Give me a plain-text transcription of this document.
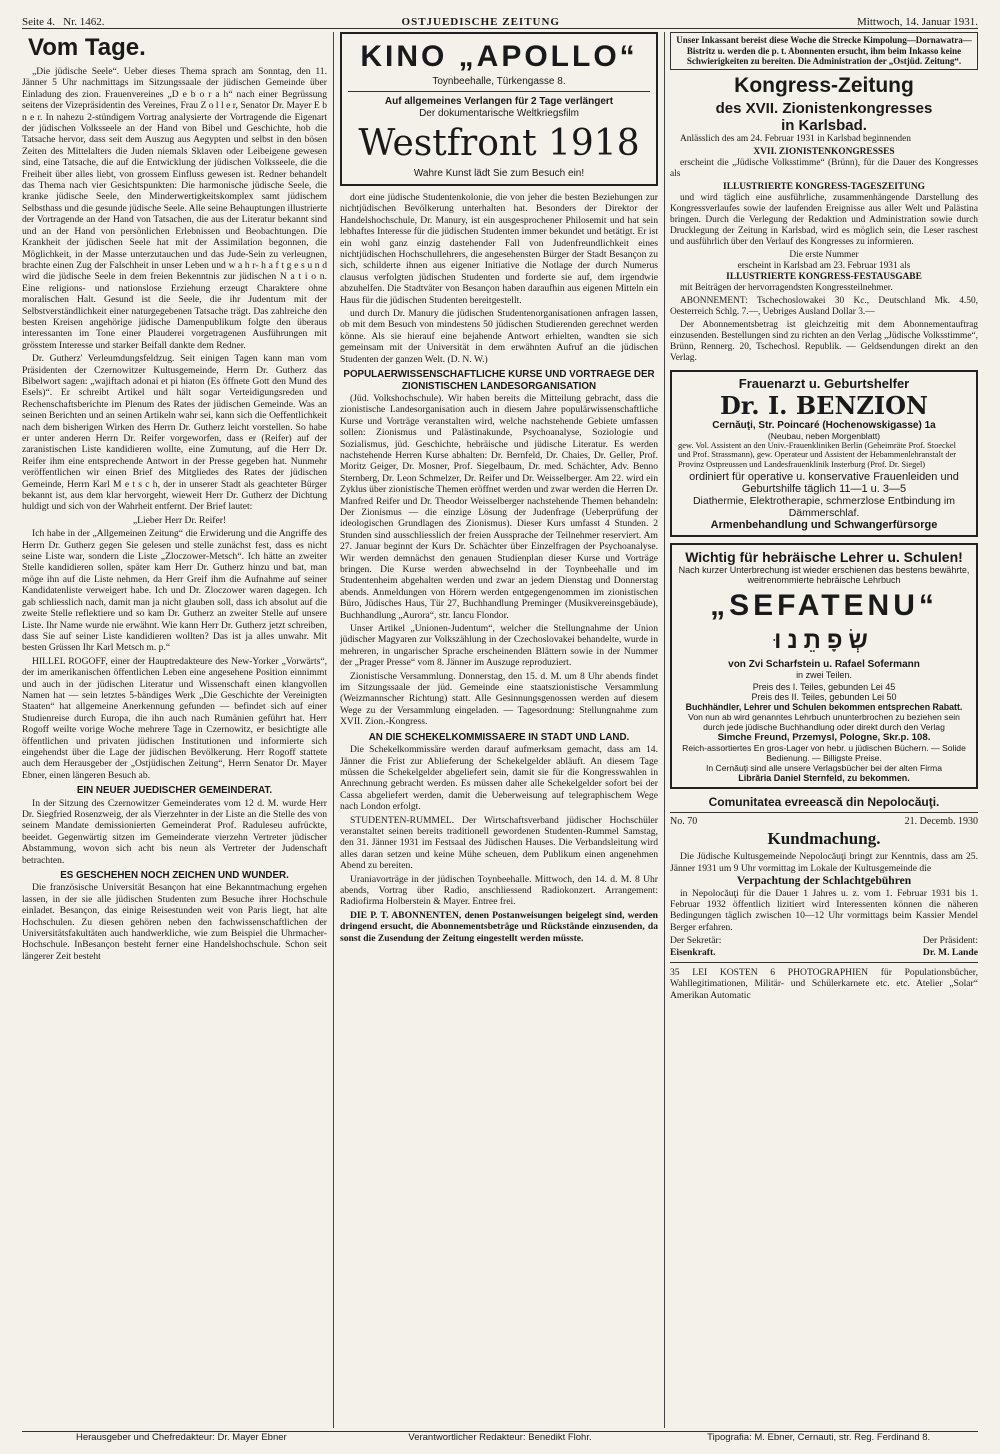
Seite 4. Nr. 1462.	OSTJUEDISCHE ZEITUNG	Mittwoch, 14. Januar 1931.
Vom Tage.

„Die jüdische Seele“. Ueber dieses Thema sprach am Sonntag, den 11. Jänner 5 Uhr nachmittags im Sitzungssaale der jüdischen Gemeinde über Einladung des zion. Frauenvereines „D e b o r a h“ nach einer Begrüssung seitens der Vizepräsidentin des Vereines, Frau Z o l l e r, Senator Dr. Mayer E b n e r. In nahezu 2-stündigem Vortrag analysierte der Vortragende die Eigenart der jüdischen Volksseele an der Hand von Bibel und Geschichte, hob die Tatsache hervor, dass seit dem Auszug aus Aegypten und selbst in den bösen Zeiten des Mittelalters die Juden niemals Sklaven oder Leibeigene gewesen sind, eine Tatsache, die auf die Entwicklung der jüdischen Volksseele, die die Freiheit über alles liebt, von grossem Einfluss gewesen ist. Redner behandelt das Thema nach vier Gesichtspunkten: Die harmonische jüdische Seele, die kranke jüdische Seele, den Minderwertigkeitskomplex samt jüdischem Selbsthass und die gesunde jüdische Seele. Alle seine Behauptungen illustrierte der Vortragende an der Hand von Tatsachen, die aus der Literatur bekannt sind und an der Hand von persönlichen Erlebnissen und Beobachtungen. Die Krankheit der jüdischen Seele hat mit der Assimilation begonnen, die Möglichkeit, in der Masse unterzutauchen und das Jude-Sein zu verleugnen, brachte einen Zug der Falschheit in unser Leben und w a h r- h a f t g e s u n d wird die jüdische Seele in dem freien Bekenntnis zur jüdischen N a t i o n. Eine religions- und nationslose Erziehung erzeugt Charaktere ohne moralischen Halt. Gesund ist die Seele, die ihr Judentum mit der Selbstverständlichkeit einer naturgegebenen Tatsache trägt. Das zahlreiche den besten Kreisen angehörige jüdische Damenpublikum folgte den überaus interessanten im Tone einer Plauderei vorgetragenen Ausführungen mit grösstem Interesse und starker Beifall dankte dem Redner.

Dr. Gutherz' Verleumdungsfeldzug. Seit einigen Tagen kann man vom Präsidenten der Czernowitzer Kultusgemeinde, Herrn Dr. Gutherz das Bibelwort sagen: „wajiftach adonai et pi hiaton (Es öffnete Gott den Mund des Esels)“. Er schreibt Artikel und hält sogar Verteidigungsreden und Rechenschaftsberichte im Plenum des Rates der jüdischen Gemeinde. Was an seinen Berichten und an seinen Artikeln wahr sei, kann sich die Oeffentlichkeit nach dem bisherigen Wirken des Herrn Dr. Gutherz leicht vorstellen. So habe er unter anderen Herrn Dr. Reifer vorgeworfen, dass er (Reifer) auf der zaranistischen Liste kandidieren wollte, eine Zumutung, auf die Herr Dr. Reifer ihm eine entsprechende Antwort in der Presse gegeben hat. Nunmehr veröffentlichen wir einen Brief des Mitgliedes des Rates der jüdischen Gemeinde, Herrn Karl M e t s c h, der in unserer Stadt als geachteter Bürger bekannt ist, aus dem klar hervorgeht, wieweit Herr Dr. Gutherz der Dichtung huldigt und sich von der Wahrheit entfernt. Der Brief lautet:

„Lieber Herr Dr. Reifer!

Ich habe in der „Allgemeinen Zeitung“ die Erwiderung und die Angriffe des Herrn Dr. Gutherz gegen Sie gelesen und stelle zunächst fest, dass es nicht seine Liste war, sondern die Liste „Zloczower-Metsch“. Ich hätte an zweiter Stelle kandidieren sollen, später kam Herr Dr. Gutherz hinzu und bat, man möge ihn auf die Liste nehmen, da Herr Greif ihm die Aufnahme auf seiner Kandidatenliste verweigert habe. Ich und Dr. Zloczower waren dagegen. Ich gab schliesslich nach, damit man ja nicht glauben soll, dass ich absolut auf die zweite Stelle reflektiere und so kam Dr. Gutherz an zweiter Stelle auf unsere Liste. Ihr Name wurde nie erwähnt. Wie kann Herr Dr. Gutherz jetzt schreiben, dass Sie auf seiner Liste kandidieren wollten? Das ist ja alles unwahr. Mit besten Grüssen Ihr Karl Metsch m. p.“

HILLEL ROGOFF, einer der Hauptredakteure des New-Yorker „Vorwärts“, der im amerikanischen öffentlichen Leben eine angesehene Position einnimmt und auch in der jüdischen Literatur und Wissenschaft einen klangvollen Namen hat — sein letztes 5-bändiges Werk „Die Geschichte der Vereinigten Staaten“ hat allgemeine Anerkennung gefunden — befindet sich auf einer Studienreise durch Europa, die ihn auch nach Rumänien geführt hat. Herr Rogoff weilte vorige Woche mehrere Tage in Czernowitz, er besichtigte alle öffentlichen und privaten jüdischen Institutionen und informierte sich eingehendst über die Lage der jüdischen Bevölkerung. Herr Rogoff stattete auch dem Herausgeber der „Ostjüdischen Zeitung“, Herrn Senator Dr. Mayer Ebner, einen längeren Besuch ab.

EIN NEUER JUEDISCHER GEMEINDERAT.

In der Sitzung des Czernowitzer Gemeinderates vom 12 d. M. wurde Herr Dr. Siegfried Rosenzweig, der als Vierzehnter in der Liste an die Stelle des von seinem Mandate demissionierten Gemeinderat Prof. Raduleseu aufrückte, beeidet. Gegenwärtig sitzen im Gemeinderate vierzehn Vertreter jüdischer Abstammung, wovon sich acht bis neun als Vertreter der Judenschaft betrachten.

ES GESCHEHEN NOCH ZEICHEN UND WUNDER.

Die französische Universität Besançon hat eine Bekanntmachung ergehen lassen, in der sie alle jüdischen Studenten zum Besuche ihrer Hochschule einladet. Besançon, das einige Reisestunden weit von Paris liegt, hat alte Hochschulen. Zu diesen gehören neben den fachwissenschaftlichen der Universitätsfakultäten auch handwerkliche, wie zum Beispiel die Uhrmacher-Hochschule. InBesançon besteht ferner eine Handelshochschule. Schon seit längerer Zeit besteht

KINO „APOLLO“
Toynbeehalle, Türkengasse 8.
Auf allgemeines Verlangen für 2 Tage verlängert
Der dokumentarische Weltkriegsfilm
Westfront 1918
Wahre Kunst lädt Sie zum Besuch ein!

dort eine jüdische Studentenkolonie, die von jeher die besten Beziehungen zur nichtjüdischen Bevölkerung unterhalten hat. Besonders der Direktor der Handelshochschule, Dr. Manury, ist ein ausgesprochener Philosemit und hat sein lebhaftes Interesse für die jüdischen Studenten immer bekundet und betätigt. Er ist ein wohl ganz einzig dastehender Fall von Judenfreundlichkeit eines nichtjüdischen Hochschullehrers, die angesehensten Bürger der Stadt Besançon zu sich, schilderte ihnen aus eigener Initiative die Notlage der durch Numerus clausus verfolgten jüdischen Studenten und forderte sie auf, dem irgendwie abzuhelfen. Die Stadtväter von Besançon haben daraufhin aus eigenen Mitteln ein Haus für die jüdischen Studenten bereitgestellt.

und durch Dr. Manury die jüdischen Studentenorganisationen anfragen lassen, ob mit dem Besuch von mindestens 50 jüdischen Studierenden gerechnet werden könne. Als sie hierauf eine bejahende Antwort erhielten, wandten sie sich gemeinsam mit der Universität in dem erwähnten Aufruf an die jüdischen Studenten der ganzen Welt. (D. N. W.)

POPULAERWISSENSCHAFTLICHE KURSE UND VORTRAEGE DER ZIONISTISCHEN LANDESORGANISATION

(Jüd. Volkshochschule). Wir haben bereits die Mitteilung gebracht, dass die zionistische Landesorganisation auch in diesem Jahre populärwissenschaftliche Kurse und Vorträge veranstalten wird, welche nachstehende Gebiete umfassen sollen: Zionismus und Palästinakunde, Psychoanalyse, Soziologie und Sozialismus, jüd. Geschichte, hebräische und jüdische Literatur. Es werden nachstehende Herren Kurse abhalten: Dr. Bernfeld, Dr. Chaies, Dr. Geller, Prof. Moritz Geiger, Dr. Mosner, Prof. Siegelbaum, Dr. med. Schächter, Adv. Benno Sternberg, Dr. Leon Schmelzer, Dr. Reifer und Dr. Weisselberger. Am 22. wird ein Zyklus über zionistische Themen eröffnet werden und zwar werden die Herren Dr. Manfred Reifer und Dr. Theodor Weisselberger nachstehende Themen behandeln: Der Zionismus — die einzige Lösung der Judenfrage (Ueberprüfung der ideologischen Grundlagen des Zionismus). Dieser Kurs umfasst 4 Stunden. 2 Stunden sind ausschliesslich der freien Aussprache der Teilnehmer reserviert. Am 27. Januar beginnt der Kurs Dr. Schächter über Einzelfragen der Psychoanalyse. Wir werden demnächst den genauen Studienplan dieser Kurse und Vorträge bringen. Die Kurse werden abwechselnd in der Toynbeehalle und im Studentenheim abgehalten werden und zwar an jedem Dienstag und Donnerstag abends. Anmeldungen von Hörern werden entgegengenommen im zionistischen Büro, Jüdisches Haus, Tür 27, Buchhandlung Preminger (Musikvereinsgebäude), Buchhandlung „Aurora“, str. Iancu Flondor.

Unser Artikel „Unionen-Judentum“, welcher die Stellungnahme der Union jüdischer Magyaren zur Volkszählung in der Czechoslovakei behandelte, wurde in mehreren, in ungarischer Sprache erscheinenden Blättern sowie in der Nummer der „Prager Presse“ vom 8. Jänner im Auszuge reproduziert.

Zionistische Versammlung. Donnerstag, den 15. d. M. um 8 Uhr abends findet im Sitzungssaale der jüd. Gemeinde eine staatszionistische Versammlung (Weizmannscher Richtung) statt. Alle Gesinnungsgenossen werden auf diesem Wege zu der Versammlung eingeladen. — Tagesordnung: Stellungnahme zum XVII. Zion.-Kongress.

AN DIE SCHEKELKOMMISSAERE IN STADT UND LAND.

Die Schekelkommissäre werden darauf aufmerksam gemacht, dass am 14. Jänner die Frist zur Ablieferung der Schekelgelder abläuft. An diesem Tage müssen die Schekelgelder abgeliefert sein, damit sie für die Kongresswahlen in Anrechnung gebracht werden. Es müssen daher alle Schekelgelder sofort bei der Cassa abgeliefert werden, damit die Ueberweisung auf telegraphischem Wege nach London erfolgt.

STUDENTEN-RUMMEL. Der Wirtschaftsverband jüdischer Hochschüler veranstaltet seinen bereits traditionell gewordenen Studenten-Rummel Samstag, den 31. Jänner 1931 im Festsaal des Jüdischen Hauses. Die Verbandsleitung wird alles daran setzen und keine Mühe scheuen, dem Publikum einen angenehmen Abend zu bereiten.

Uraniavorträge in der jüdischen Toynbeehalle. Mittwoch, den 14. d. M. 8 Uhr abends, Vortrag über Radio, anschliessend Radiokonzert. Arrangement: Radiofirma Holberstein & Mayer. Entree frei.

DIE P. T. ABONNENTEN, denen Postanweisungen beigelegt sind, werden dringend ersucht, die Abonnementsbeträge und Rückstände einzusenden, da sonst die Zusendung der Zeitung eingestellt werden müsste.

Unser Inkassant bereist diese Woche die Strecke Kimpolung—Dornawatra—Bistritz u. werden die p. t. Abonnenten ersucht, ihm beim Inkasso keine Schwierigkeiten zu bereiten. Die Administration der „Ostjüd. Zeitung“.
Kongress-Zeitung
des XVII. Zionistenkongresses
in Karlsbad.

Anlässlich des am 24. Februar 1931 in Karlsbad beginnenden

XVII. ZIONISTENKONGRESSES

erscheint die „Jüdische Volksstimme“ (Brünn), für die Dauer des Kongresses als

ILLUSTRIERTE KONGRESS-TAGESZEITUNG

und wird täglich eine ausführliche, zusammenhängende Darstellung des Kongressverlaufes sowie der laufenden Ereignisse aus aller Welt und Palästina bringen. Durch die Verlegung der Redaktion und Administration sowie durch Drucklegung der Zeitung in Karlsbad, wird es möglich sein, die Leser raschest und ausführlich über den Verlauf des Kongresses zu informieren.

Die erste Nummer
erscheint in Karlsbad am 23. Februar 1931 als
ILLUSTRIERTE KONGRESS-FESTAUSGABE

mit Beiträgen der hervorragendsten Kongressteilnehmer.

ABONNEMENT: Tschechoslowakei 30 Kc., Deutschland Mk. 4.50, Oesterreich Schlg. 7.—, Uebriges Ausland Dollar 3.—

Der Abonnementsbetrag ist gleichzeitig mit dem Abonnementauftrag einzusenden. Bestellungen sind zu richten an den Verlag „Jüdische Volksstimme“, Brünn, Rennerg. 20, Tschechosl. Republik. — Geldsendungen direkt an den Verlag.

Frauenarzt u. Geburtshelfer
Dr. I. BENZION
Cernăuţi, Str. Poincaré (Hochenowskigasse) 1a
(Neubau, neben Morgenblatt)
gew. Vol. Assistent an den Univ.-Frauenkliniken Berlin (Geheimräte Prof. Stoeckel und Prof. Strassmann), gew. Operateur und Assistent der Hebammenlehranstalt der Provinz Ostpreussen und Landesfrauenklinik Insterburg (Prof. Dr. Siegel)
ordiniert für operative u. konservative Frauenleiden und Geburtshilfe täglich 11—1 u. 3—5
Diathermie, Elektrotherapie, schmerzlose Entbindung im Dämmerschlaf.
Armenbehandlung und Schwangerfürsorge
Wichtig für hebräische Lehrer u. Schulen!
Nach kurzer Unterbrechung ist wieder erschienen das bestens bewährte, weitrenommierte hebräische Lehrbuch
„SEFATENU“
שְׂפָתֵנוּ
von Zvi Scharfstein u. Rafael Sofermann
in zwei Teilen.
Preis des I. Teiles, gebunden Lei 45
Preis des II. Teiles, gebunden Lei 50
Buchhändler, Lehrer und Schulen bekommen entsprechen Rabatt.
Von nun ab wird genanntes Lehrbuch ununterbrochen zu beziehen sein durch jede jüdische Buchhandlung oder direkt durch den Verlag
Simche Freund, Przemysl, Pologne, Skr.p. 108.
Reich-assortiertes En gros-Lager von hebr. u jüdischen Büchern. — Solide Bedienung. — Billigste Preise.
In Cernăuţi sind alle unsere Verlagsbücher bei der alten Firma
Librăria Daniel Sternfeld, zu bekommen.
Comunitatea evreească din Nepolocăuţi.
No. 70	21. Decemb. 1930
Kundmachung.

Die Jüdische Kultusgemeinde Nepolocăuţi bringt zur Kenntnis, dass am 25. Jänner 1931 um 9 Uhr vormittag im Lokale der Kultusgemeinde die

Verpachtung der Schlachtgebühren

in Nepolocăuţi für die Dauer 1 Jahres u. z. vom 1. Februar 1931 bis 1. Februar 1932 öffentlich lizitiert wird Interessenten können die näheren Bedingungen täglich zwischen 10—12 Uhr vormittags beim Kassier Mendel Berger erfahren.

Der Sekretär:	Der Präsident:
Eisenkraft.	Dr. M. Lande

35 LEI KOSTEN 6 PHOTOGRAPHIEN für Populationsbücher, Wahllegitimationen, Militär- und Schülerkarnete etc. etc. Atelier „Solar“ Amerikan Automatic

Herausgeber und Chefredakteur: Dr. Mayer Ebner	Verantwortlicher Redakteur: Benedikt Flohr.	Tipografia: M. Ebner, Cernauti, str. Reg. Ferdinand 8.
